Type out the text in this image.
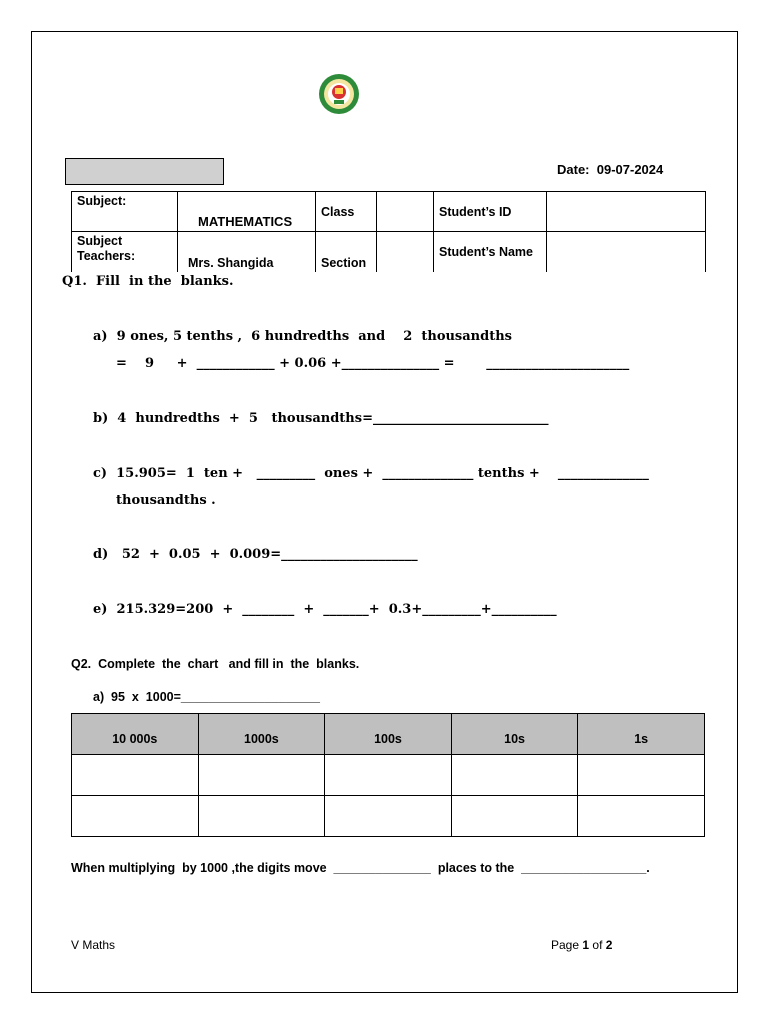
Date: 09-07-2024
Subject:	MATHEMATICS	Class		Student’s ID	
Subject
Teachers:	Mrs. Shangida	Section		Student’s Name	
Q1.  Fill  in the  blanks.
a)  9 ones, 5 tenths ,  6 hundredths  and    2  thousandths
=    9     +  ____________ + 0.06 +_______________ =       ______________________
b)  4  hundredths  +  5   thousandths=___________________________
c)  15.905=  1  ten +   _________  ones +  ______________ tenths +    ______________
thousandths .
d)   52  +  0.05  +  0.009=_____________________
e)  215.329=200  +  ________  +  _______+  0.3+_________+__________
Q2.  Complete  the  chart   and fill in  the  blanks.
a)  95  x  1000=____________________
10 000s	1000s	100s	10s	1s

When multiplying  by 1000 ,the digits move  ______________  places to the  __________________.
V Maths	Page 1 of 2
